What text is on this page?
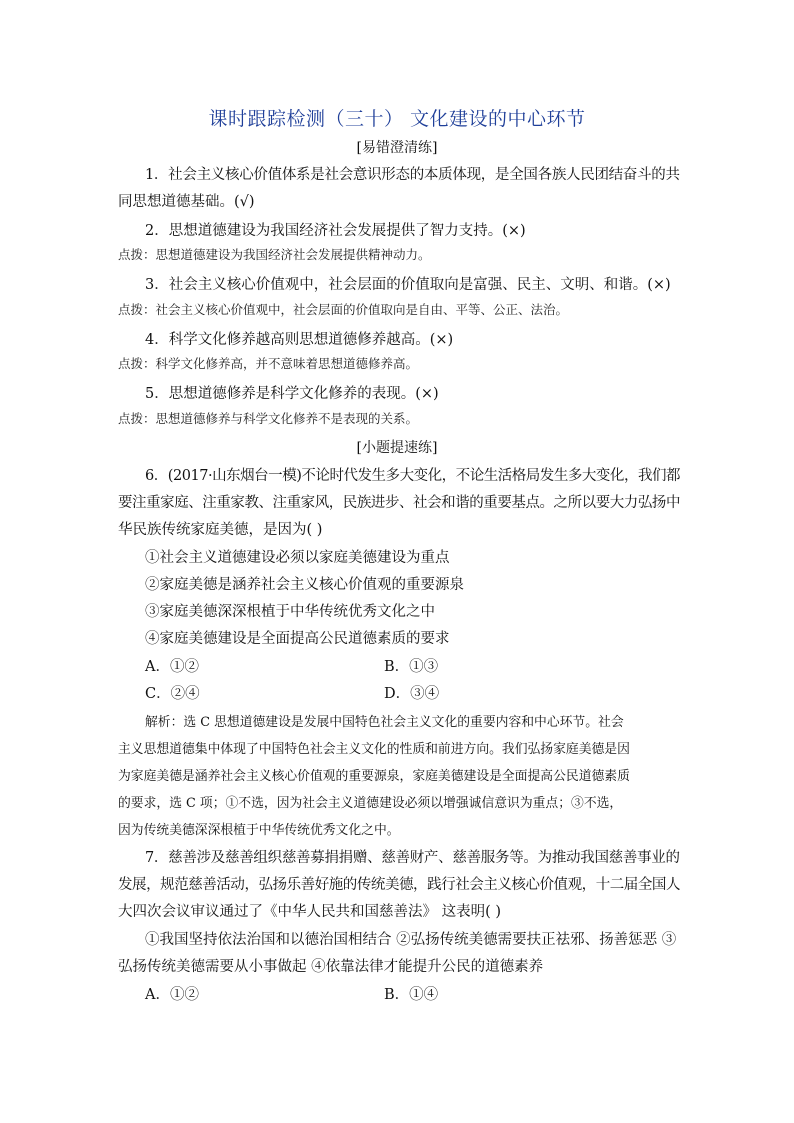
课时跟踪检测（三十） 文化建设的中心环节
[易错澄清练]
1．社会主义核心价值体系是社会意识形态的本质体现，是全国各族人民团结奋斗的共
同思想道德基础。(√)
2．思想道德建设为我国经济社会发展提供了智力支持。(×)
点拨：思想道德建设为我国经济社会发展提供精神动力。
3．社会主义核心价值观中，社会层面的价值取向是富强、民主、文明、和谐。(×)
点拨：社会主义核心价值观中，社会层面的价值取向是自由、平等、公正、法治。
4．科学文化修养越高则思想道德修养越高。(×)
点拨：科学文化修养高，并不意味着思想道德修养高。
5．思想道德修养是科学文化修养的表现。(×)
点拨：思想道德修养与科学文化修养不是表现的关系。
[小题提速练]
6．(2017·山东烟台一模)不论时代发生多大变化，不论生活格局发生多大变化，我们都
要注重家庭、注重家教、注重家风，民族进步、社会和谐的重要基点。之所以要大力弘扬中
华民族传统家庭美德，是因为( )
①社会主义道德建设必须以家庭美德建设为重点
②家庭美德是涵养社会主义核心价值观的重要源泉
③家庭美德深深根植于中华传统优秀文化之中
④家庭美德建设是全面提高公民道德素质的要求
A．①②	B．①③
C．②④	D．③④
解析：选 C 思想道德建设是发展中国特色社会主义文化的重要内容和中心环节。社会
主义思想道德集中体现了中国特色社会主义文化的性质和前进方向。我们弘扬家庭美德是因
为家庭美德是涵养社会主义核心价值观的重要源泉，家庭美德建设是全面提高公民道德素质
的要求，选 C 项；①不选，因为社会主义道德建设必须以增强诚信意识为重点；③不选，
因为传统美德深深根植于中华传统优秀文化之中。
7．慈善涉及慈善组织慈善募捐捐赠、慈善财产、慈善服务等。为推动我国慈善事业的
发展，规范慈善活动，弘扬乐善好施的传统美德，践行社会主义核心价值观，十二届全国人
大四次会议审议通过了《中华人民共和国慈善法》 这表明( )
①我国坚持依法治国和以德治国相结合 ②弘扬传统美德需要扶正祛邪、扬善惩恶 ③
弘扬传统美德需要从小事做起 ④依靠法律才能提升公民的道德素养
A．①②	B．①④
